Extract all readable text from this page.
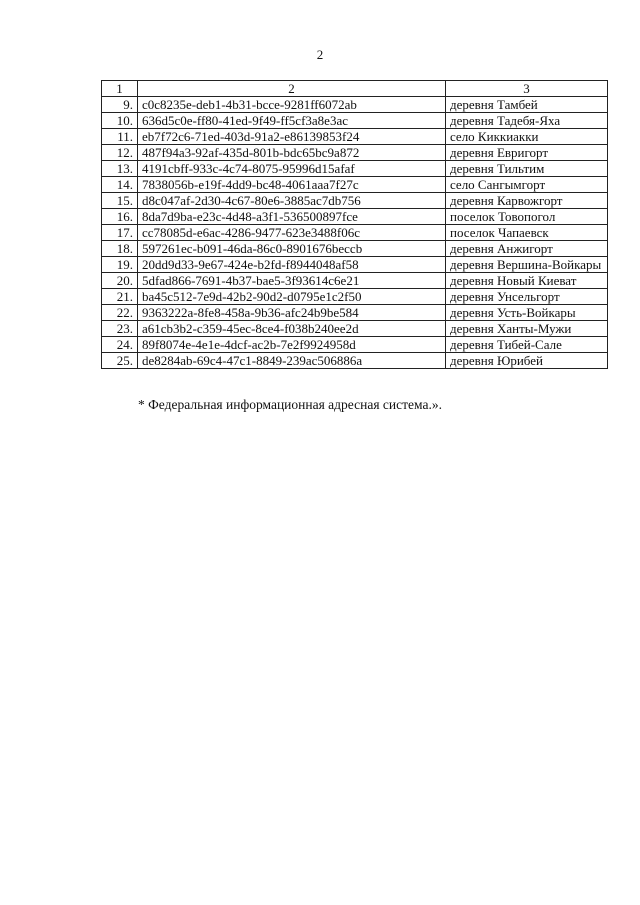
2
1	2	3
9.	c0c8235e-deb1-4b31-bcce-9281ff6072ab	деревня Тамбей
10.	636d5c0e-ff80-41ed-9f49-ff5cf3a8e3ac	деревня Тадебя-Яха
11.	eb7f72c6-71ed-403d-91a2-e86139853f24	село Киккиакки
12.	487f94a3-92af-435d-801b-bdc65bc9a872	деревня Евригорт
13.	4191cbff-933c-4c74-8075-95996d15afaf	деревня Тильтим
14.	7838056b-e19f-4dd9-bc48-4061aaa7f27c	село Сангымгорт
15.	d8c047af-2d30-4c67-80e6-3885ac7db756	деревня Карвожгорт
16.	8da7d9ba-e23c-4d48-a3f1-536500897fce	поселок Товопогол
17.	cc78085d-e6ac-4286-9477-623e3488f06c	поселок Чапаевск
18.	597261ec-b091-46da-86c0-8901676beccb	деревня Анжигорт
19.	20dd9d33-9e67-424e-b2fd-f8944048af58	деревня Вершина-Войкары
20.	5dfad866-7691-4b37-bae5-3f93614c6e21	деревня Новый Киеват
21.	ba45c512-7e9d-42b2-90d2-d0795e1c2f50	деревня Унсельгорт
22.	9363222a-8fe8-458a-9b36-afc24b9be584	деревня Усть-Войкары
23.	a61cb3b2-c359-45ec-8ce4-f038b240ee2d	деревня Ханты-Мужи
24.	89f8074e-4e1e-4dcf-ac2b-7e2f9924958d	деревня Тибей-Сале
25.	de8284ab-69c4-47c1-8849-239ac506886a	деревня Юрибей
* Федеральная информационная адресная система.».
